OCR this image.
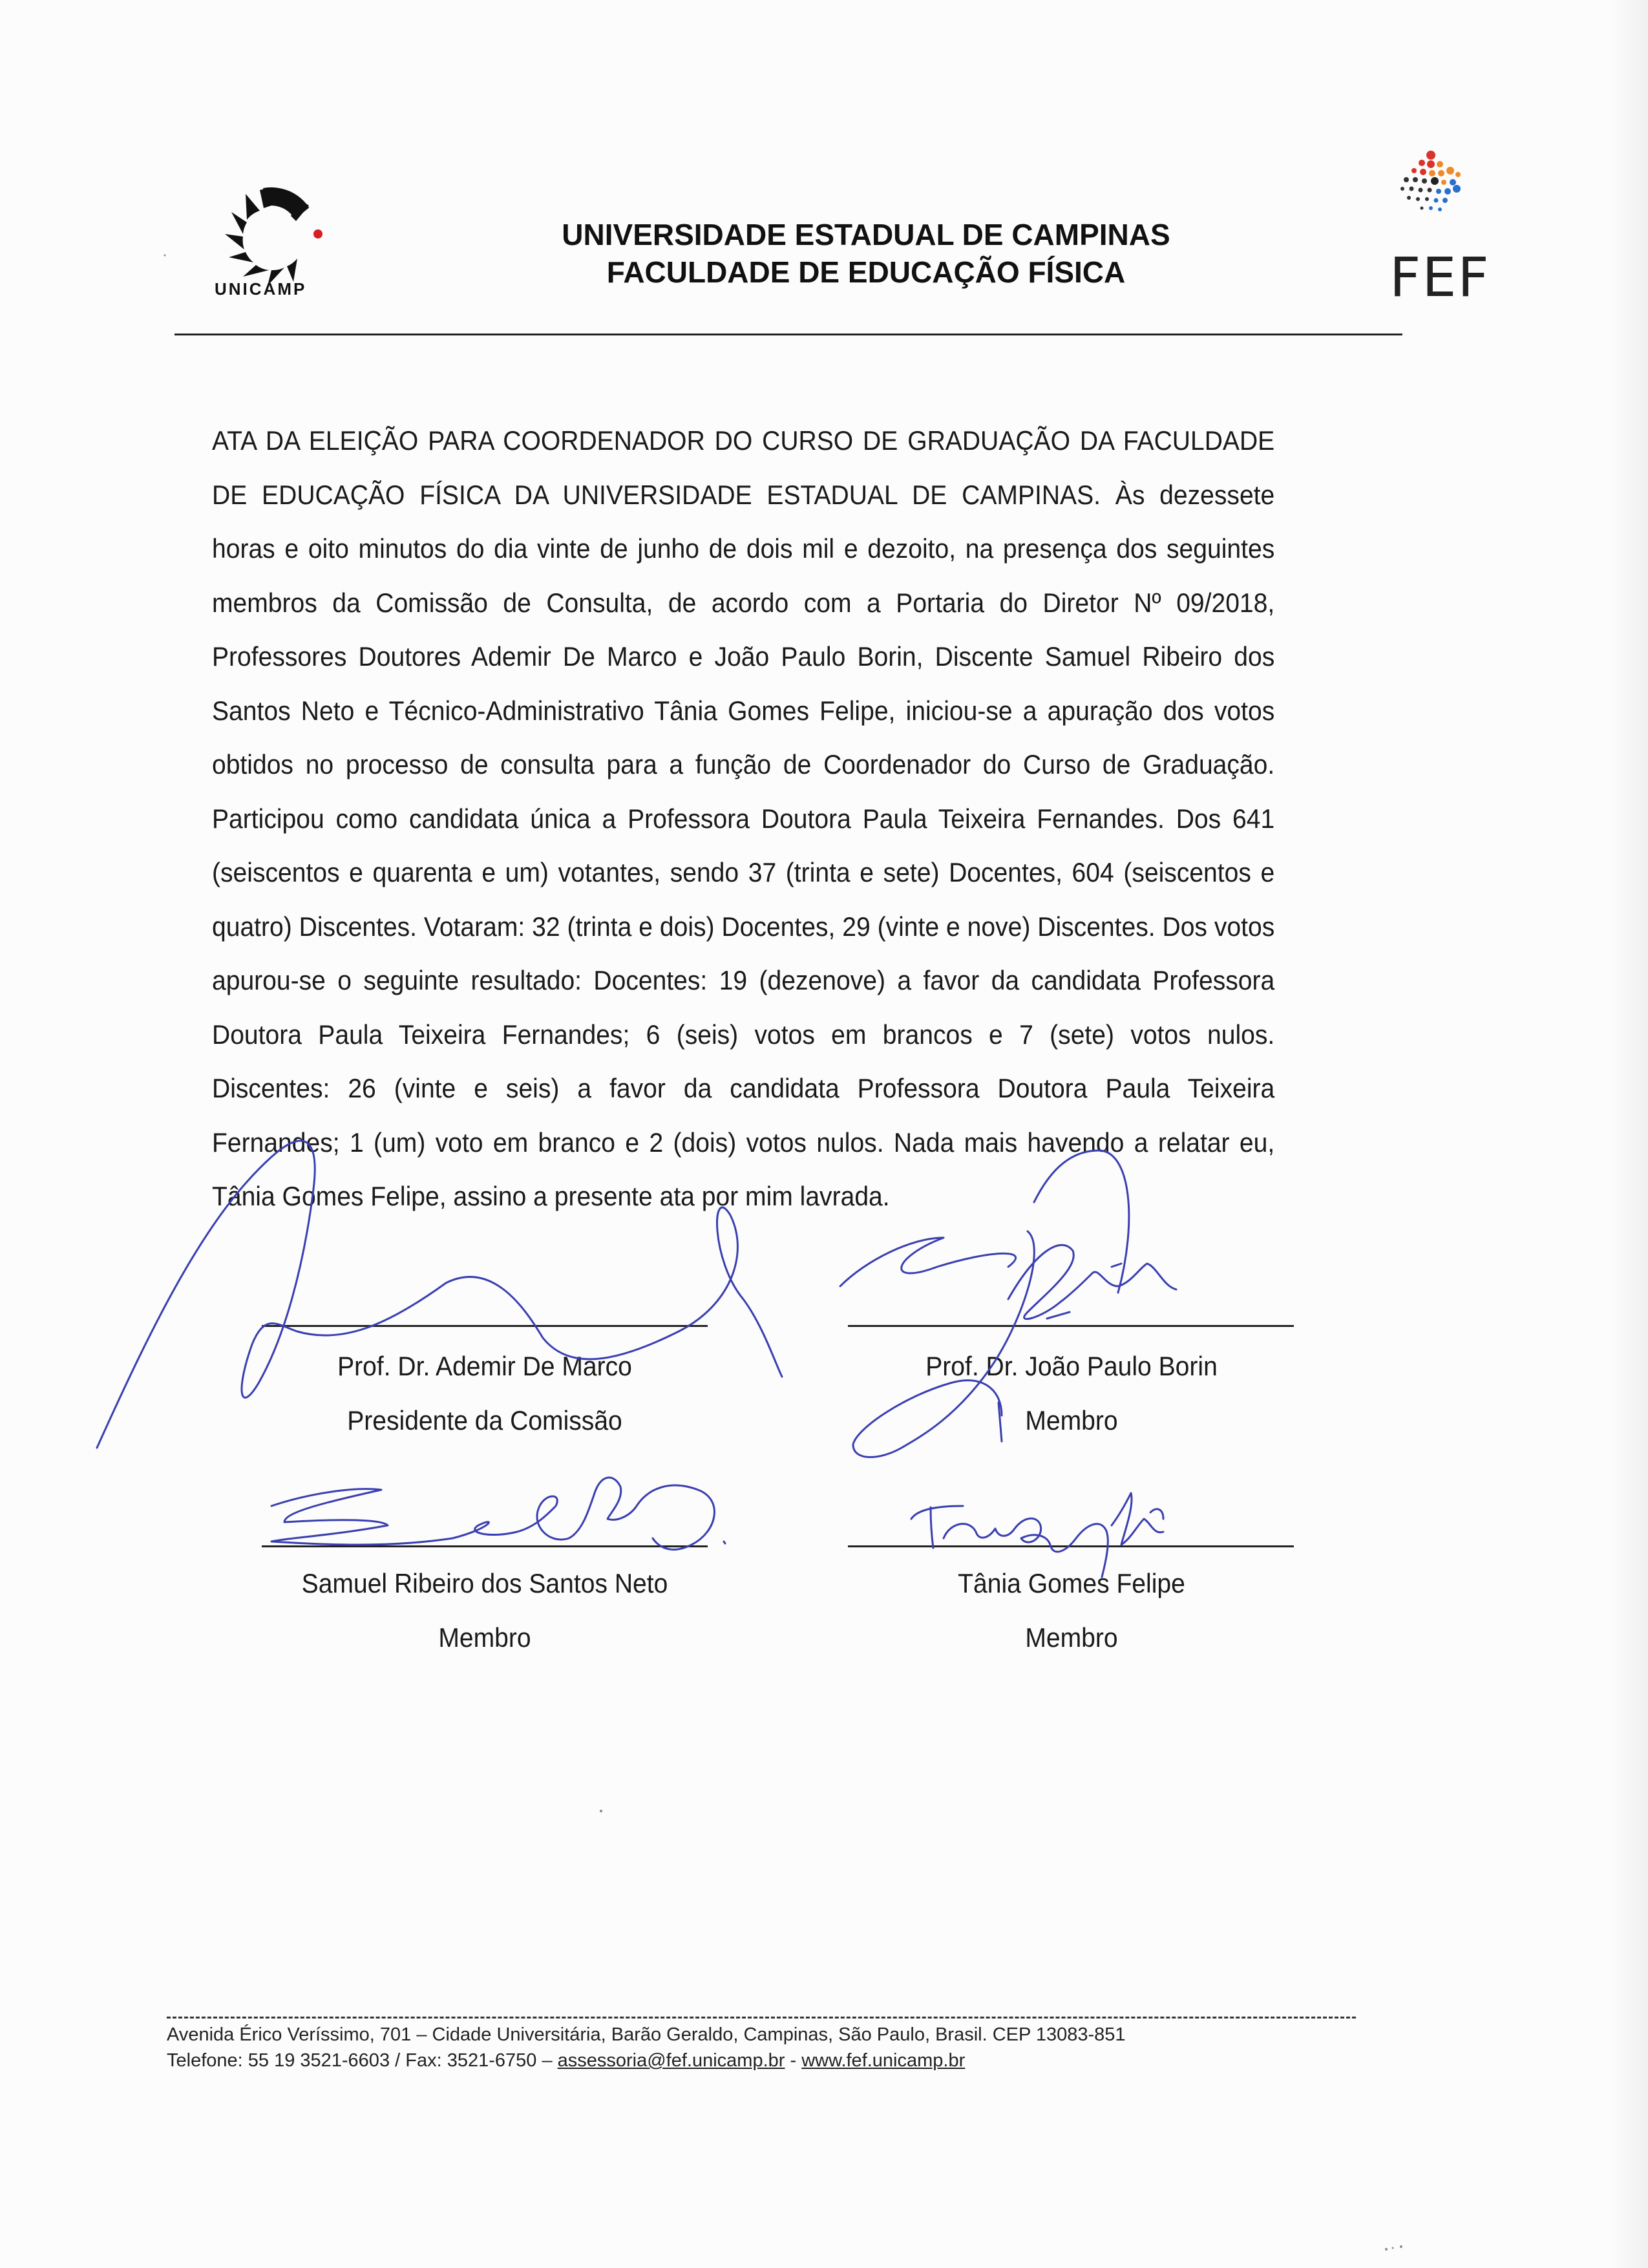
UNICAMP
UNIVERSIDADE ESTADUAL DE CAMPINAS
FACULDADE DE EDUCAÇÃO FÍSICA	FEF
ATA DA ELEIÇÃO PARA COORDENADOR DO CURSO DE GRADUAÇÃO DA FACULDADE DE EDUCAÇÃO FÍSICA DA UNIVERSIDADE ESTADUAL DE CAMPINAS. Às dezessete horas e oito minutos do dia vinte de junho de dois mil e dezoito, na presença dos seguintes membros da Comissão de Consulta, de acordo com a Portaria do Diretor Nº 09/2018, Professores Doutores Ademir De Marco e João Paulo Borin, Discente Samuel Ribeiro dos Santos Neto e Técnico-Administrativo Tânia Gomes Felipe, iniciou-se a apuração dos votos obtidos no processo de consulta para a função de Coordenador do Curso de Graduação. Participou como candidata única a Professora Doutora Paula Teixeira Fernandes. Dos 641 (seiscentos e quarenta e um) votantes, sendo 37 (trinta e sete) Docentes, 604 (seiscentos e quatro) Discentes. Votaram: 32 (trinta e dois) Docentes, 29 (vinte e nove) Discentes. Dos votos apurou-se o seguinte resultado: Docentes: 19 (dezenove) a favor da candidata Professora Doutora Paula Teixeira Fernandes; 6 (seis) votos em brancos e 7 (sete) votos nulos. Discentes: 26 (vinte e seis) a favor da candidata Professora Doutora Paula Teixeira Fernandes; 1 (um) voto em branco e 2 (dois) votos nulos. Nada mais havendo a relatar eu, Tânia Gomes Felipe, assino a presente ata por mim lavrada.
Prof. Dr. Ademir De Marco
Presidente da Comissão
Prof. Dr. João Paulo Borin
Membro
Samuel Ribeiro dos Santos Neto
Membro
Tânia Gomes Felipe
Membro
Avenida Érico Veríssimo, 701 – Cidade Universitária, Barão Geraldo, Campinas, São Paulo, Brasil. CEP 13083-851
Telefone: 55 19 3521-6603 / Fax: 3521-6750 – assessoria@fef.unicamp.br - www.fef.unicamp.br
